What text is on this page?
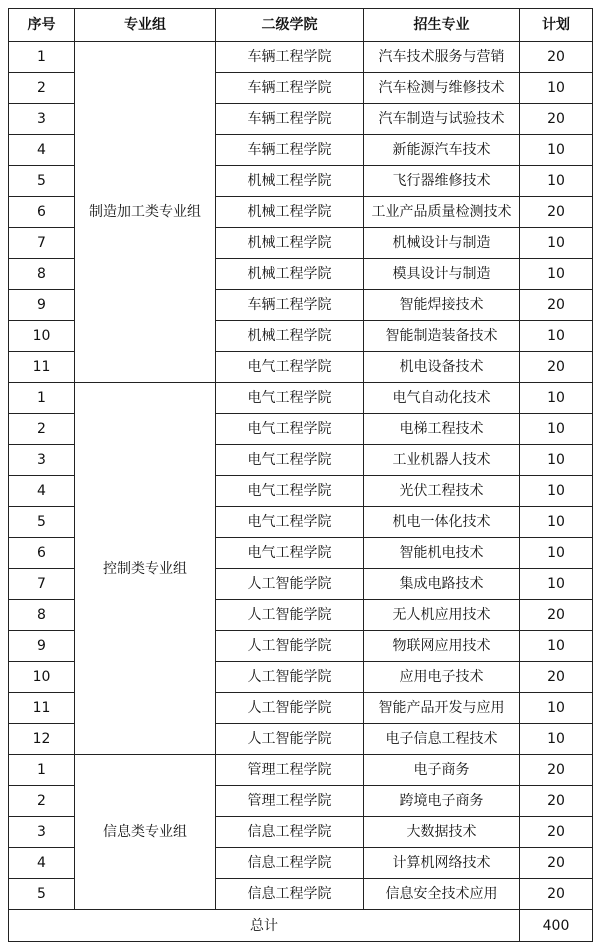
序号	专业组	二级学院	招生专业	计划
1	制造加工类专业组	车辆工程学院	汽车技术服务与营销	20
2		车辆工程学院	汽车检测与维修技术	10
3		车辆工程学院	汽车制造与试验技术	20
4		车辆工程学院	新能源汽车技术	10
5		机械工程学院	飞行器维修技术	10
6		机械工程学院	工业产品质量检测技术	20
7		机械工程学院	机械设计与制造	10
8		机械工程学院	模具设计与制造	10
9		车辆工程学院	智能焊接技术	20
10		机械工程学院	智能制造装备技术	10
11		电气工程学院	机电设备技术	20
1	控制类专业组	电气工程学院	电气自动化技术	10
2		电气工程学院	电梯工程技术	10
3		电气工程学院	工业机器人技术	10
4		电气工程学院	光伏工程技术	10
5		电气工程学院	机电一体化技术	10
6		电气工程学院	智能机电技术	10
7		人工智能学院	集成电路技术	10
8		人工智能学院	无人机应用技术	20
9		人工智能学院	物联网应用技术	10
10		人工智能学院	应用电子技术	20
11		人工智能学院	智能产品开发与应用	10
12		人工智能学院	电子信息工程技术	10
1	信息类专业组	管理工程学院	电子商务	20
2		管理工程学院	跨境电子商务	20
3		信息工程学院	大数据技术	20
4		信息工程学院	计算机网络技术	20
5		信息工程学院	信息安全技术应用	20
总计				400
